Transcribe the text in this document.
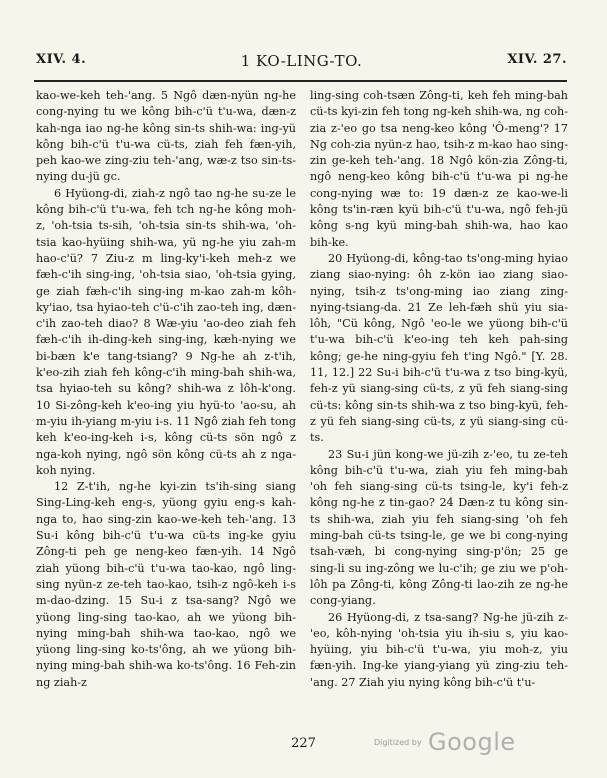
XIV. 4.	1 KO-LING-TO.	XIV. 27.

kao-we-keh teh-'ang. 5 Ngô dæn-nyün ng-he cong-nying tu we kông bih-c'ü t'u-wa, dæn-z kah-nga iao ng-he kông sin-ts shih-wa: ing-yü kông bih-c'ü t'u-wa cü-ts, ziah feh fæn-yih, peh kao-we zing-ziu teh-'ang, wæ-z tso sin-ts-nying du-jü gc.

6 Hyüong-di, ziah-z ngô tao ng-he su-ze le kông bih-c'ü t'u-wa, feh tch ng-he kông moh-z, 'oh-tsia ts-sih, 'oh-tsia sin-ts shih-wa, 'oh-tsia kao-hyüing shih-wa, yü ng-he yiu zah-m hao-c'ü? 7 Ziu-z m ling-ky'i-keh meh-z we fæh-c'ih sing-ing, 'oh-tsia siao, 'oh-tsia gying, ge ziah fæh-c'ih sing-ing m-kao zah-m kôh-ky'iao, tsa hyiao-teh c'ü-c'ih zao-teh ing, dæn-c'ih zao-teh diao? 8 Wæ-yiu 'ao-deo ziah feh fæh-c'ih ih-ding-keh sing-ing, kæh-nying we bi-bæn k'e tang-tsiang? 9 Ng-he ah z-t'ih, k'eo-zih ziah feh kông-c'ih ming-bah shih-wa, tsa hyiao-teh su kông? shih-wa z lôh-k'ong. 10 Si-zông-keh k'eo-ing yiu hyü-to 'ao-su, ah m-yiu ih-yiang m-yiu i-s. 11 Ngô ziah feh tong keh k'eo-ing-keh i-s, kông cü-ts sön ngô z nga-koh nying, ngô sön kông cü-ts ah z nga-koh nying.

12 Z-t'ih, ng-he kyi-zin ts'ih-sing siang Sing-Ling-keh eng-s, yüong gyiu eng-s kah-nga to, hao sing-zin kao-we-keh teh-'ang. 13 Su-i kông bih-c'ü t'u-wa cü-ts ing-ke gyiu Zông-ti peh ge neng-keo fæn-yih. 14 Ngô ziah yüong bih-c'ü t'u-wa tao-kao, ngô ling-sing nyün-z ze-teh tao-kao, tsih-z ngô-keh i-s m-dao-dzing. 15 Su-i z tsa-sang? Ngô we yüong ling-sing tao-kao, ah we yüong bih-nying ming-bah shih-wa tao-kao, ngô we yüong ling-sing ko-ts'ông, ah we yüong bih-nying ming-bah shih-wa ko-ts'ông. 16 Feh-zin ng ziah-z

ling-sing coh-tsæn Zông-ti, keh feh ming-bah cü-ts kyi-zin feh tong ng-keh shih-wa, ng coh-zia z-'eo go tsa neng-keo kông 'Ô-meng'? 17 Ng coh-zia nyün-z hao, tsih-z m-kao hao sing-zin ge-keh teh-'ang. 18 Ngô kön-zia Zông-ti, ngô neng-keo kông bih-c'ü t'u-wa pi ng-he cong-nying wæ to: 19 dæn-z ze kao-we-li kông ts'in-ræn kyü bih-c'ü t'u-wa, ngô feh-jü kông s-ng kyü ming-bah shih-wa, hao kao bih-ke.

20 Hyüong-di, kông-tao ts'ong-ming hyiao ziang siao-nying: ôh z-kön iao ziang siao-nying, tsih-z ts'ong-ming iao ziang zing-nying-tsiang-da. 21 Ze leh-fæh shü yiu sia-lôh, "Cü kông, Ngô 'eo-le we yüong bih-c'ü t'u-wa bih-c'ü k'eo-ing teh keh pah-sing kông; ge-he ning-gyiu feh t'ing Ngô." [Y. 28. 11, 12.] 22 Su-i bih-c'ü t'u-wa z tso bing-kyü, feh-z yü siang-sing cü-ts, z yü feh siang-sing cü-ts: kông sin-ts shih-wa z tso bing-kyü, feh-z yü feh siang-sing cü-ts, z yü siang-sing cü-ts.

23 Su-i jün kong-we jü-zih z-'eo, tu ze-teh kông bih-c'ü t'u-wa, ziah yiu feh ming-bah 'oh feh siang-sing cü-ts tsing-le, ky'i feh-z kông ng-he z tin-gao? 24 Dæn-z tu kông sin-ts shih-wa, ziah yiu feh siang-sing 'oh feh ming-bah cü-ts tsing-le, ge we bi cong-nying tsah-væh, bi cong-nying sing-p'ön; 25 ge sing-li su ing-zông we lu-c'ih; ge ziu we p'oh-lôh pa Zông-ti, kông Zông-ti lao-zih ze ng-he cong-yiang.

26 Hyüong-di, z tsa-sang? Ng-he jü-zih z-'eo, kôh-nying 'oh-tsia yiu ih-siu s, yiu kao-hyüing, yiu bih-c'ü t'u-wa, yiu moh-z, yiu fæn-yih. Ing-ke yiang-yiang yü zing-ziu teh-'ang. 27 Ziah yiu nying kông bih-c'ü t'u-

227	Digitized by Google
